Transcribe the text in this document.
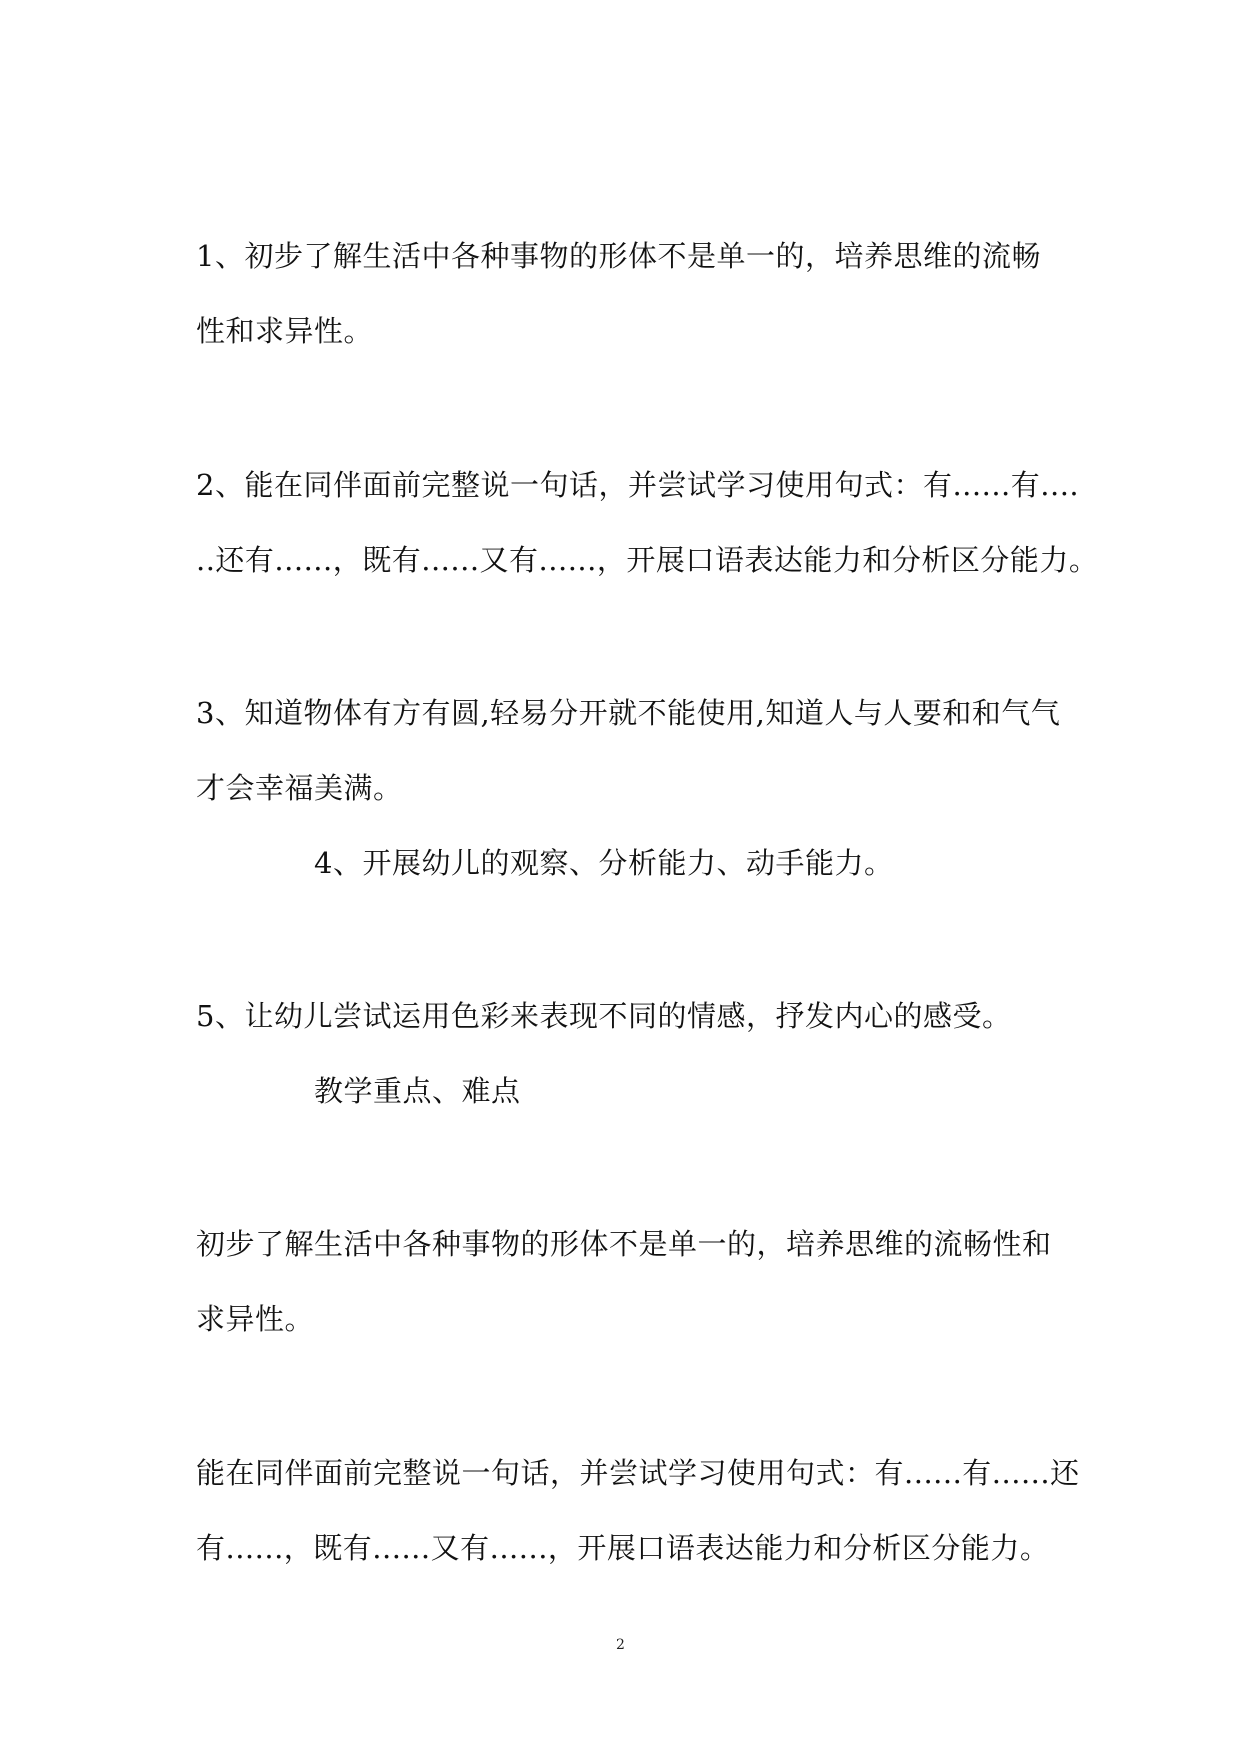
1、初步了解生活中各种事物的形体不是单一的，培养思维的流畅
性和求异性。
2、能在同伴面前完整说一句话，并尝试学习使用句式：有......有....
..还有......，既有......又有......，开展口语表达能力和分析区分能力。
3、知道物体有方有圆,轻易分开就不能使用,知道人与人要和和气气
才会幸福美满。
4、开展幼儿的观察、分析能力、动手能力。
5、让幼儿尝试运用色彩来表现不同的情感，抒发内心的感受。
教学重点、难点
初步了解生活中各种事物的形体不是单一的，培养思维的流畅性和
求异性。
能在同伴面前完整说一句话，并尝试学习使用句式：有......有......还
有......，既有......又有......，开展口语表达能力和分析区分能力。
2
